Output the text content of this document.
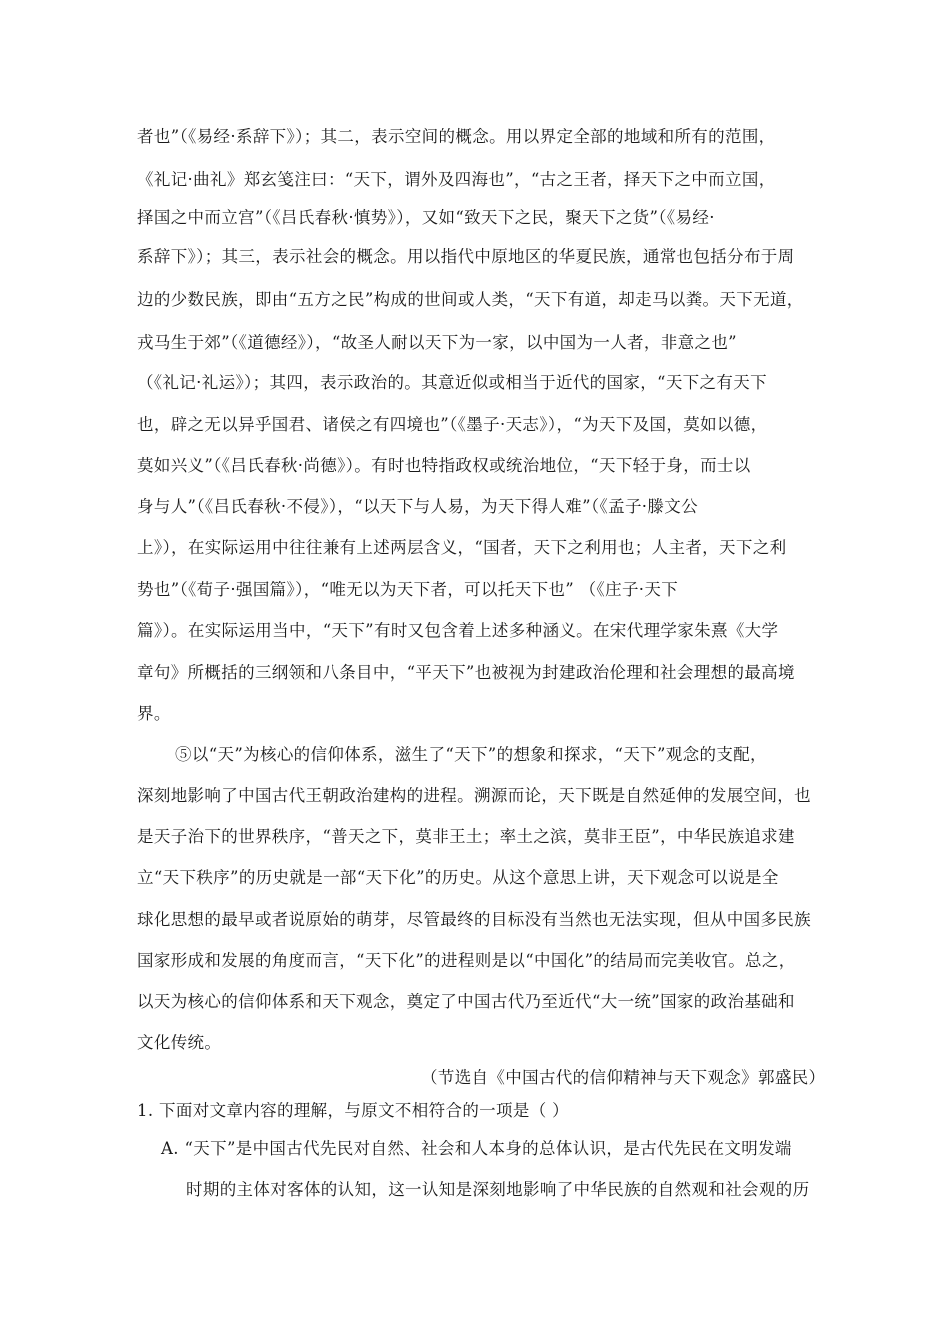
者也”（《易经·系辞下》）；其二，表示空间的概念。用以界定全部的地域和所有的范围，
《礼记·曲礼》郑玄笺注曰：“天下，谓外及四海也”，“古之王者，择天下之中而立国，
择国之中而立宫”（《吕氏春秋·慎势》），又如“致天下之民，聚天下之货”（《易经·
系辞下》）；其三，表示社会的概念。用以指代中原地区的华夏民族，通常也包括分布于周
边的少数民族，即由“五方之民”构成的世间或人类，“天下有道，却走马以粪。天下无道，
戎马生于郊”（《道德经》），“故圣人耐以天下为一家，以中国为一人者，非意之也”
（《礼记·礼运》）；其四，表示政治的。其意近似或相当于近代的国家，“天下之有天下
也，辟之无以异乎国君、诸侯之有四境也”（《墨子·天志》），“为天下及国，莫如以德，
莫如兴义”（《吕氏春秋·尚德》）。有时也特指政权或统治地位，“天下轻于身，而士以
身与人”（《吕氏春秋·不侵》），“以天下与人易，为天下得人难”（《孟子·滕文公
上》），在实际运用中往往兼有上述两层含义，“国者，天下之利用也；人主者，天下之利
势也”（《荀子·强国篇》），“唯无以为天下者，可以托天下也” （《庄子·天下
篇》）。在实际运用当中，“天下”有时又包含着上述多种涵义。在宋代理学家朱熹《大学
章句》所概括的三纲领和八条目中，“平天下”也被视为封建政治伦理和社会理想的最高境
界。
⑤以“天”为核心的信仰体系，滋生了“天下”的想象和探求，“天下”观念的支配，
深刻地影响了中国古代王朝政治建构的进程。溯源而论，天下既是自然延伸的发展空间，也
是天子治下的世界秩序，“普天之下，莫非王土；率土之滨，莫非王臣”，中华民族追求建
立“天下秩序”的历史就是一部“天下化”的历史。从这个意思上讲，天下观念可以说是全
球化思想的最早或者说原始的萌芽，尽管最终的目标没有当然也无法实现，但从中国多民族
国家形成和发展的角度而言，“天下化”的进程则是以“中国化”的结局而完美收官。总之，
以天为核心的信仰体系和天下观念，奠定了中国古代乃至近代“大一统”国家的政治基础和
文化传统。
（节选自《中国古代的信仰精神与天下观念》郭盛民）
1. 下面对文章内容的理解，与原文不相符合的一项是（ ）
A. “天下”是中国古代先民对自然、社会和人本身的总体认识，是古代先民在文明发端
时期的主体对客体的认知，这一认知是深刻地影响了中华民族的自然观和社会观的历
